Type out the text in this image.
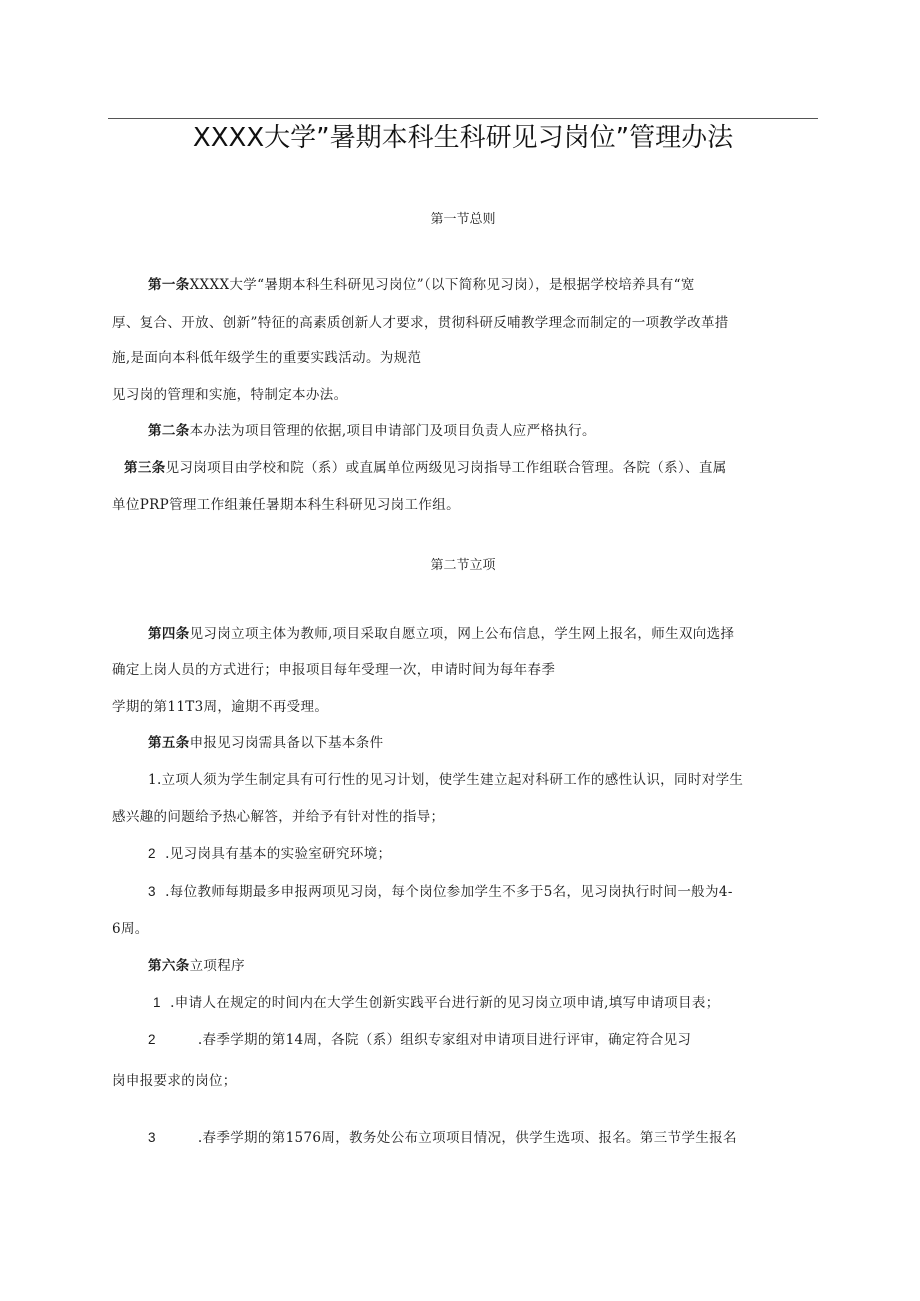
XXXX大学”暑期本科生科研见习岗位”管理办法
第一节总则
第一条XXXX大学“暑期本科生科研见习岗位”（以下简称见习岗），是根据学校培养具有“宽
厚、复合、开放、创新”特征的高素质创新人才要求，贯彻科研反哺教学理念而制定的一项教学改革措
施,是面向本科低年级学生的重要实践活动。为规范
见习岗的管理和实施，特制定本办法。
第二条本办法为项目管理的依据,项目申请部门及项目负责人应严格执行。
第三条见习岗项目由学校和院（系）或直属单位两级见习岗指导工作组联合管理。各院（系）、直属
单位PRP管理工作组兼任暑期本科生科研见习岗工作组。
第二节立项
第四条见习岗立项主体为教师,项目采取自愿立项，网上公布信息，学生网上报名，师生双向选择
确定上岗人员的方式进行；申报项目每年受理一次，申请时间为每年春季
学期的第11T3周，逾期不再受理。
第五条申报见习岗需具备以下基本条件
1.立项人须为学生制定具有可行性的见习计划，使学生建立起对科研工作的感性认识，同时对学生
感兴趣的问题给予热心解答，并给予有针对性的指导；
2 .见习岗具有基本的实验室研究环境；
3 .每位教师每期最多申报两项见习岗，每个岗位参加学生不多于5名，见习岗执行时间一般为4-
6周。
第六条立项程序
1 .申请人在规定的时间内在大学生创新实践平台进行新的见习岗立项申请,填写申请项目表；
2	.春季学期的第14周，各院（系）组织专家组对申请项目进行评审，确定符合见习
岗申报要求的岗位；
3	.春季学期的第1576周，教务处公布立项项目情况，供学生选项、报名。第三节学生报名
